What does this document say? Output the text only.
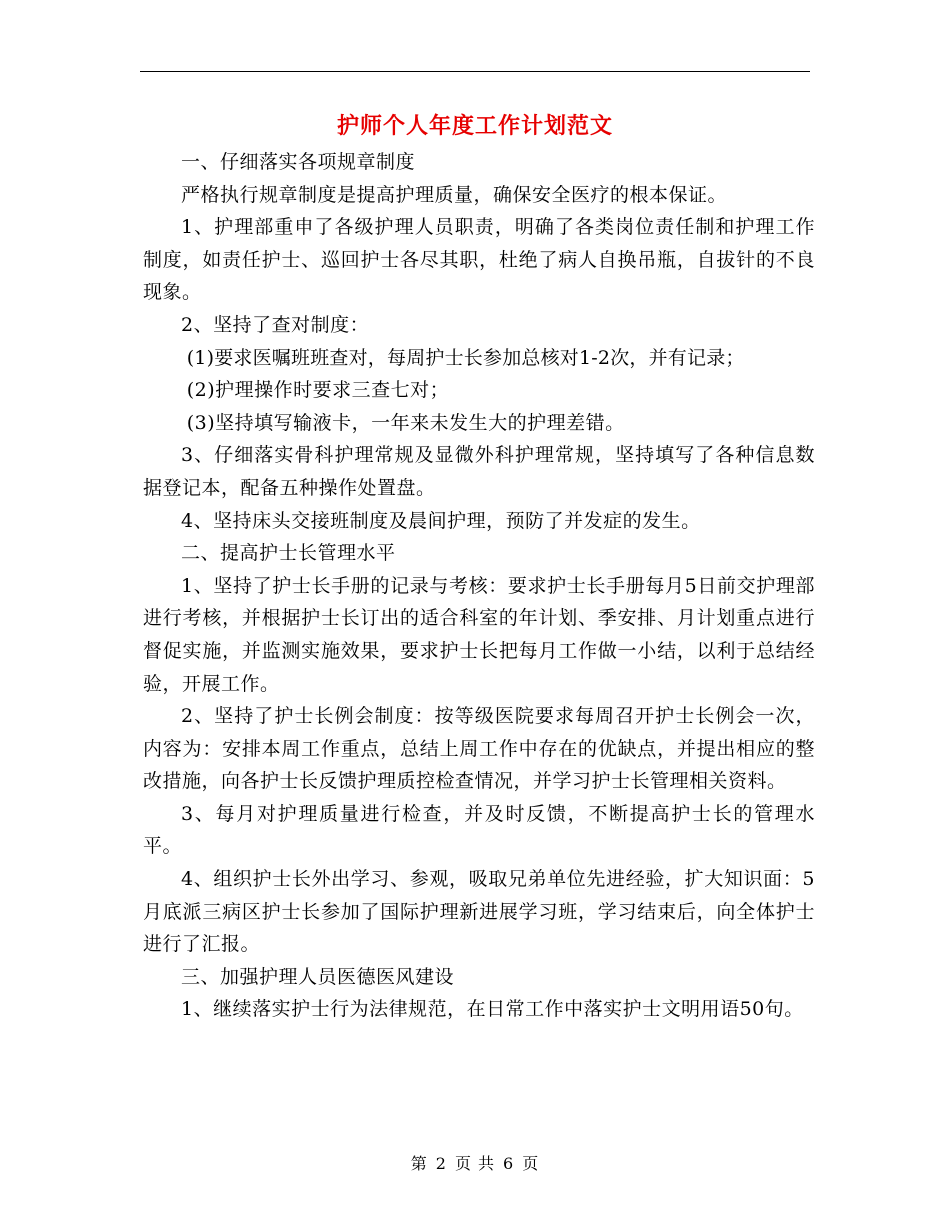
护师个人年度工作计划范文

一、仔细落实各项规章制度

严格执行规章制度是提高护理质量，确保安全医疗的根本保证。

1、护理部重申了各级护理人员职责，明确了各类岗位责任制和护理工作制度，如责任护士、巡回护士各尽其职，杜绝了病人自换吊瓶，自拔针的不良现象。

2、坚持了查对制度：

(1)要求医嘱班班查对，每周护士长参加总核对1-2次，并有记录；

(2)护理操作时要求三查七对；

(3)坚持填写输液卡，一年来未发生大的护理差错。

3、仔细落实骨科护理常规及显微外科护理常规，坚持填写了各种信息数据登记本，配备五种操作处置盘。

4、坚持床头交接班制度及晨间护理，预防了并发症的发生。

二、提高护士长管理水平

1、坚持了护士长手册的记录与考核：要求护士长手册每月5日前交护理部进行考核，并根据护士长订出的适合科室的年计划、季安排、月计划重点进行督促实施，并监测实施效果，要求护士长把每月工作做一小结，以利于总结经验，开展工作。

2、坚持了护士长例会制度：按等级医院要求每周召开护士长例会一次，内容为：安排本周工作重点，总结上周工作中存在的优缺点，并提出相应的整改措施，向各护士长反馈护理质控检查情况，并学习护士长管理相关资料。

3、每月对护理质量进行检查，并及时反馈，不断提高护士长的管理水平。

4、组织护士长外出学习、参观，吸取兄弟单位先进经验，扩大知识面：5月底派三病区护士长参加了国际护理新进展学习班，学习结束后，向全体护士进行了汇报。

三、加强护理人员医德医风建设

1、继续落实护士行为法律规范，在日常工作中落实护士文明用语50句。

第 2 页 共 6 页
